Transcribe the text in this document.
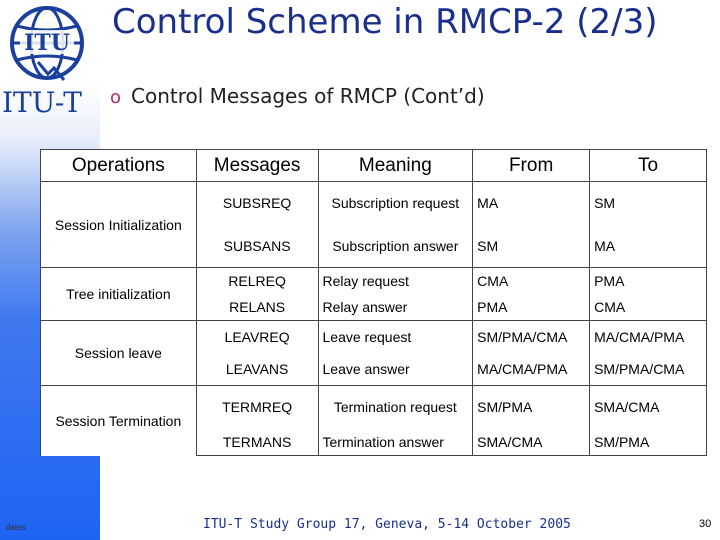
ITU
ITU-T
dates
Control Scheme in RMCP-2 (2/3)
o Control Messages of RMCP (Cont’d)
Operations	Messages	Meaning	From	To
Session Initialization	SUBSREQ	Subscription request	MA	SM
	SUBSANS	Subscription answer	SM	MA
Tree initialization	RELREQ	Relay request	CMA	PMA
	RELANS	Relay answer	PMA	CMA
Session leave	LEAVREQ	Leave request	SM/PMA/CMA	MA/CMA/PMA
	LEAVANS	Leave answer	MA/CMA/PMA	SM/PMA/CMA
Session Termination	TERMREQ	Termination request	SM/PMA	SMA/CMA
	TERMANS	Termination answer	SMA/CMA	SM/PMA
ITU-T Study Group 17, Geneva, 5-14 October 2005	30
